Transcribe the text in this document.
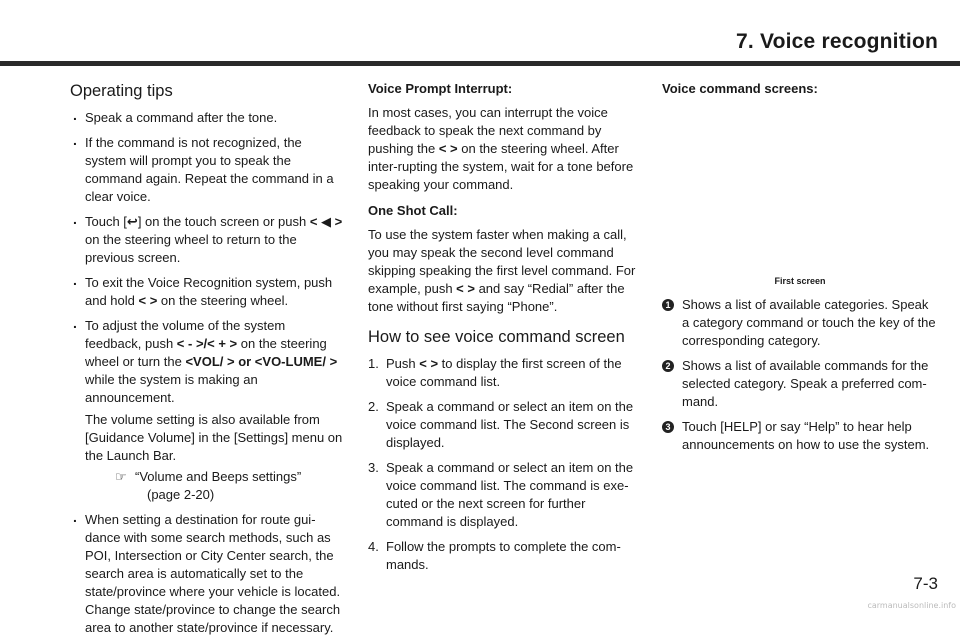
7. Voice recognition
Operating tips
. Speak a command after the tone.
. If the command is not recognized, the system will prompt you to speak the command again. Repeat the command in a clear voice.
. Touch [↩] on the touch screen or push < ◀ > on the steering wheel to return to the previous screen.
. To exit the Voice Recognition system, push and hold < > on the steering wheel.
. To adjust the volume of the system feedback, push < - >/< + > on the steering wheel or turn the <VOL/ > or <VO-LUME/ > while the system is making an announcement.
The volume setting is also available from [Guidance Volume] in the [Settings] menu on the Launch Bar.
☞ “Volume and Beeps settings”
(page 2-20)
. When setting a destination for route gui-dance with some search methods, such as POI, Intersection or City Center search, the search area is automatically set to the state/province where your vehicle is located. Change state/province to change the search area to another state/province if necessary.
Voice Prompt Interrupt:

In most cases, you can interrupt the voice feedback to speak the next command by pushing the < > on the steering wheel. After inter-rupting the system, wait for a tone before speaking your command.

One Shot Call:

To use the system faster when making a call, you may speak the second level command skipping speaking the first level command. For example, push < > and say “Redial” after the tone without first saying “Phone”.

How to see voice command screen
1. Push < > to display the first screen of the voice command list.
2. Speak a command or select an item on the voice command list. The Second screen is displayed.
3. Speak a command or select an item on the voice command list. The command is exe-cuted or the next screen for further command is displayed.
4. Follow the prompts to complete the com-mands.
Voice command screens:
First screen
1 Shows a list of available categories. Speak a category command or touch the key of the corresponding category.
2 Shows a list of available commands for the selected category. Speak a preferred com-mand.
3 Touch [HELP] or say “Help” to hear help announcements on how to use the system.
7-3
carmanualsonline.info
